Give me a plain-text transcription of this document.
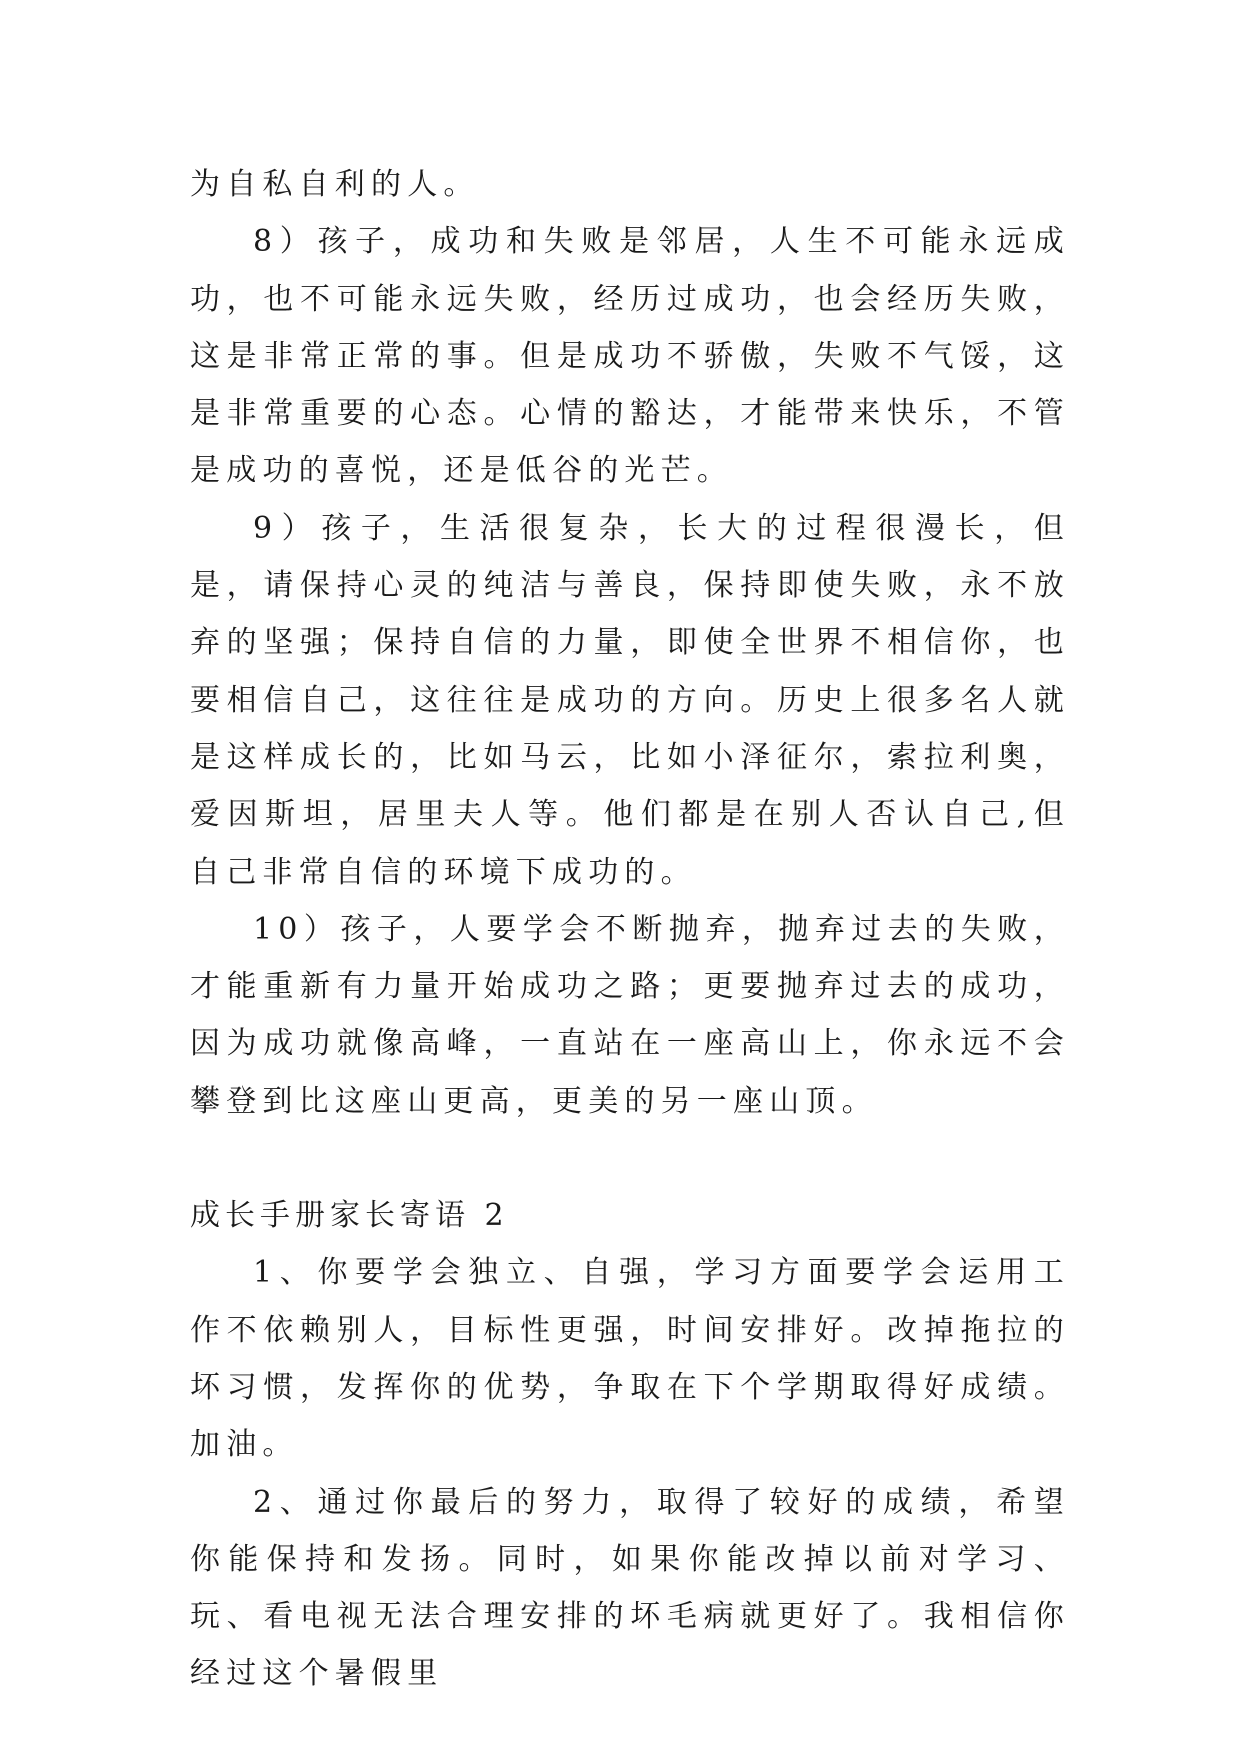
为自私自利的人。

8）孩子，成功和失败是邻居，人生不可能永远成功，也不可能永远失败，经历过成功，也会经历失败，这是非常正常的事。但是成功不骄傲，失败不气馁，这是非常重要的心态。心情的豁达，才能带来快乐，不管是成功的喜悦，还是低谷的光芒。

9）孩子，生活很复杂，长大的过程很漫长，但是，请保持心灵的纯洁与善良，保持即使失败，永不放弃的坚强；保持自信的力量，即使全世界不相信你，也要相信自己，这往往是成功的方向。历史上很多名人就是这样成长的，比如马云，比如小泽征尔，索拉利奥，爱因斯坦，居里夫人等。他们都是在别人否认自己,但自己非常自信的环境下成功的。

10）孩子，人要学会不断抛弃，抛弃过去的失败，才能重新有力量开始成功之路；更要抛弃过去的成功，因为成功就像高峰，一直站在一座高山上，你永远不会攀登到比这座山更高，更美的另一座山顶。

成长手册家长寄语 2

1、你要学会独立、自强，学习方面要学会运用工作不依赖别人，目标性更强，时间安排好。改掉拖拉的坏习惯，发挥你的优势，争取在下个学期取得好成绩。加油。

2、通过你最后的努力，取得了较好的成绩，希望你能保持和发扬。同时，如果你能改掉以前对学习、玩、看电视无法合理安排的坏毛病就更好了。我相信你经过这个暑假里
